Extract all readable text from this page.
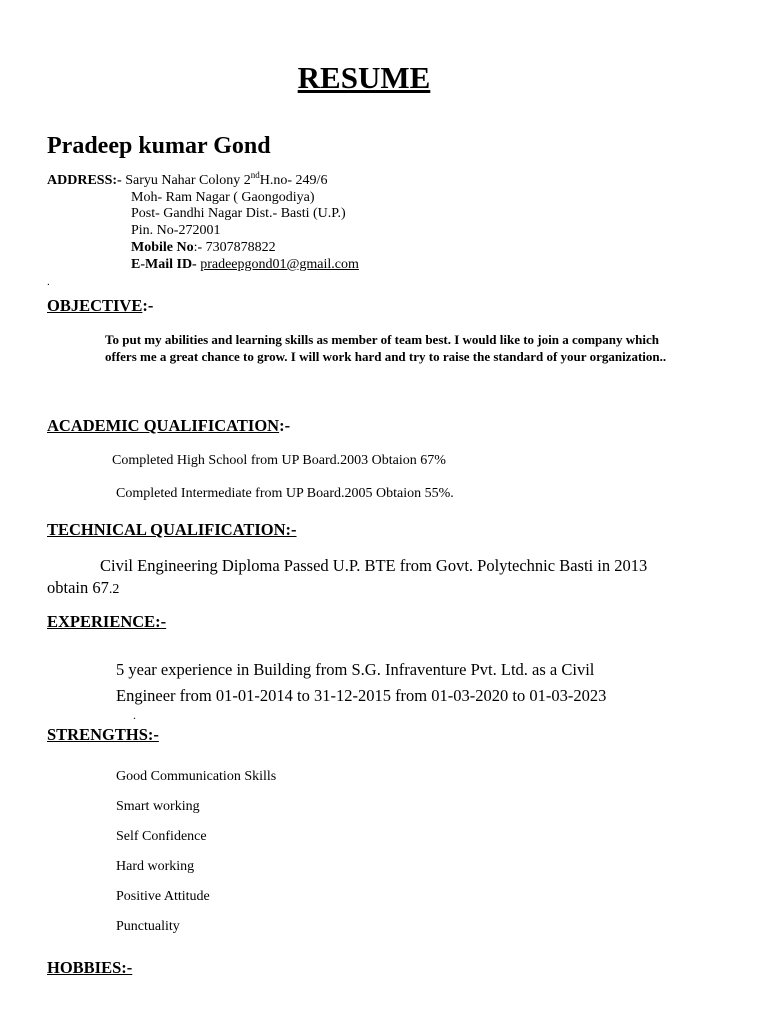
RESUME
Pradeep kumar Gond
ADDRESS:- Saryu Nahar Colony 2ndH.no- 249/6
Moh- Ram Nagar ( Gaongodiya)
Post- Gandhi Nagar Dist.- Basti (U.P.)
Pin. No-272001
Mobile No:- 7307878822
E-Mail ID- pradeepgond01@gmail.com
.
OBJECTIVE:-
To put my abilities and learning skills as member of team best. I would like to join a company which offers me a great chance to grow. I will work hard and try to raise the standard of your organization..
ACADEMIC QUALIFICATION:-
Completed High School from UP Board.2003 Obtaion 67%
Completed Intermediate from UP Board.2005 Obtaion 55%.
TECHNICAL QUALIFICATION:-
Civil Engineering Diploma Passed U.P. BTE from Govt. Polytechnic Basti in 2013 obtain 67.2
EXPERIENCE:-
5 year experience in Building from S.G. Infraventure Pvt. Ltd. as a Civil
Engineer from 01-01-2014 to 31-12-2015 from 01-03-2020 to 01-03-2023
.
STRENGTHS:-
Good Communication Skills
Smart working
Self Confidence
Hard working
Positive Attitude
Punctuality
HOBBIES:-
